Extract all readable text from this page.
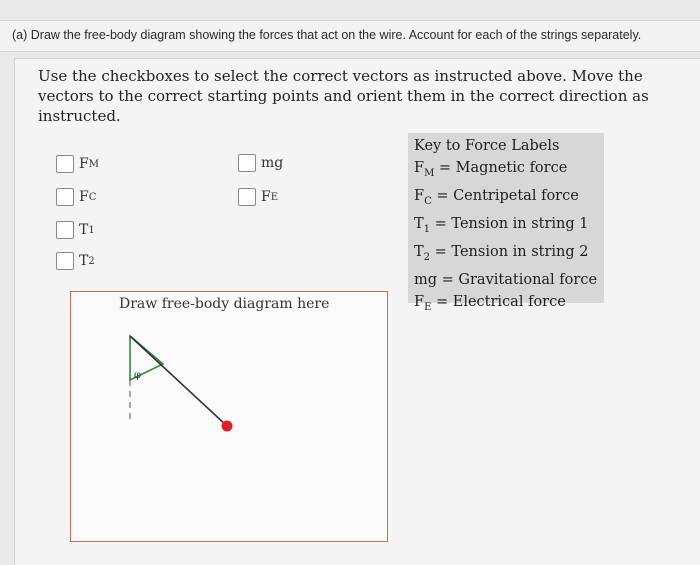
(a) Draw the free-body diagram showing the forces that act on the wire. Account for each of the strings separately.
Use the checkboxes to select the correct vectors as instructed above. Move the vectors to the correct starting points and orient them in the correct direction as instructed.
F M
F C
T 1
T 2
mg
F E
Key to Force Labels
$F_M$ = Magnetic force
$F_C$ = Centripetal force
$T_1$ = Tension in string 1
$T_2$ = Tension in string 2
mg = Gravitational force
$F_E$ = Electrical force
Draw free-body diagram here
φ
